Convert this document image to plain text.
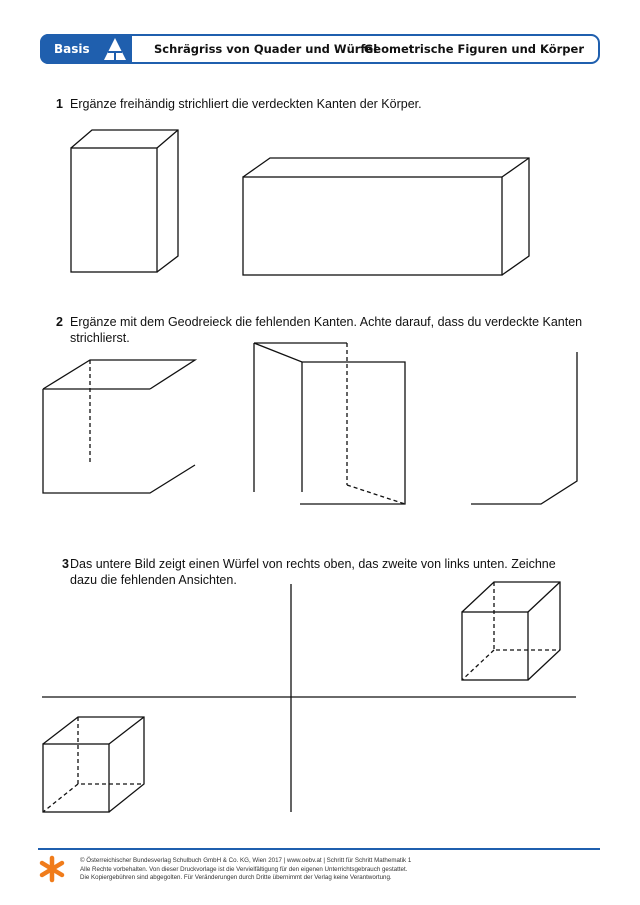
Basis	Schrägriss von Quader und Würfel
Geometrische Figuren und Körper
1 Ergänze freihändig strichliert die verdeckten Kanten der Körper.
2 Ergänze mit dem Geodreieck die fehlenden Kanten. Achte darauf, dass du verdeckte Kanten
strichlierst.
3 Das untere Bild zeigt einen Würfel von rechts oben, das zweite von links unten. Zeichne
dazu die fehlenden Ansichten.
© Österreichischer Bundesverlag Schulbuch GmbH & Co. KG, Wien 2017 | www.oebv.at | Schritt für Schritt Mathematik 1
Alle Rechte vorbehalten. Von dieser Druckvorlage ist die Vervielfältigung für den eigenen Unterrichtsgebrauch gestattet.
Die Kopiergebühren sind abgegolten. Für Veränderungen durch Dritte übernimmt der Verlag keine Verantwortung.
